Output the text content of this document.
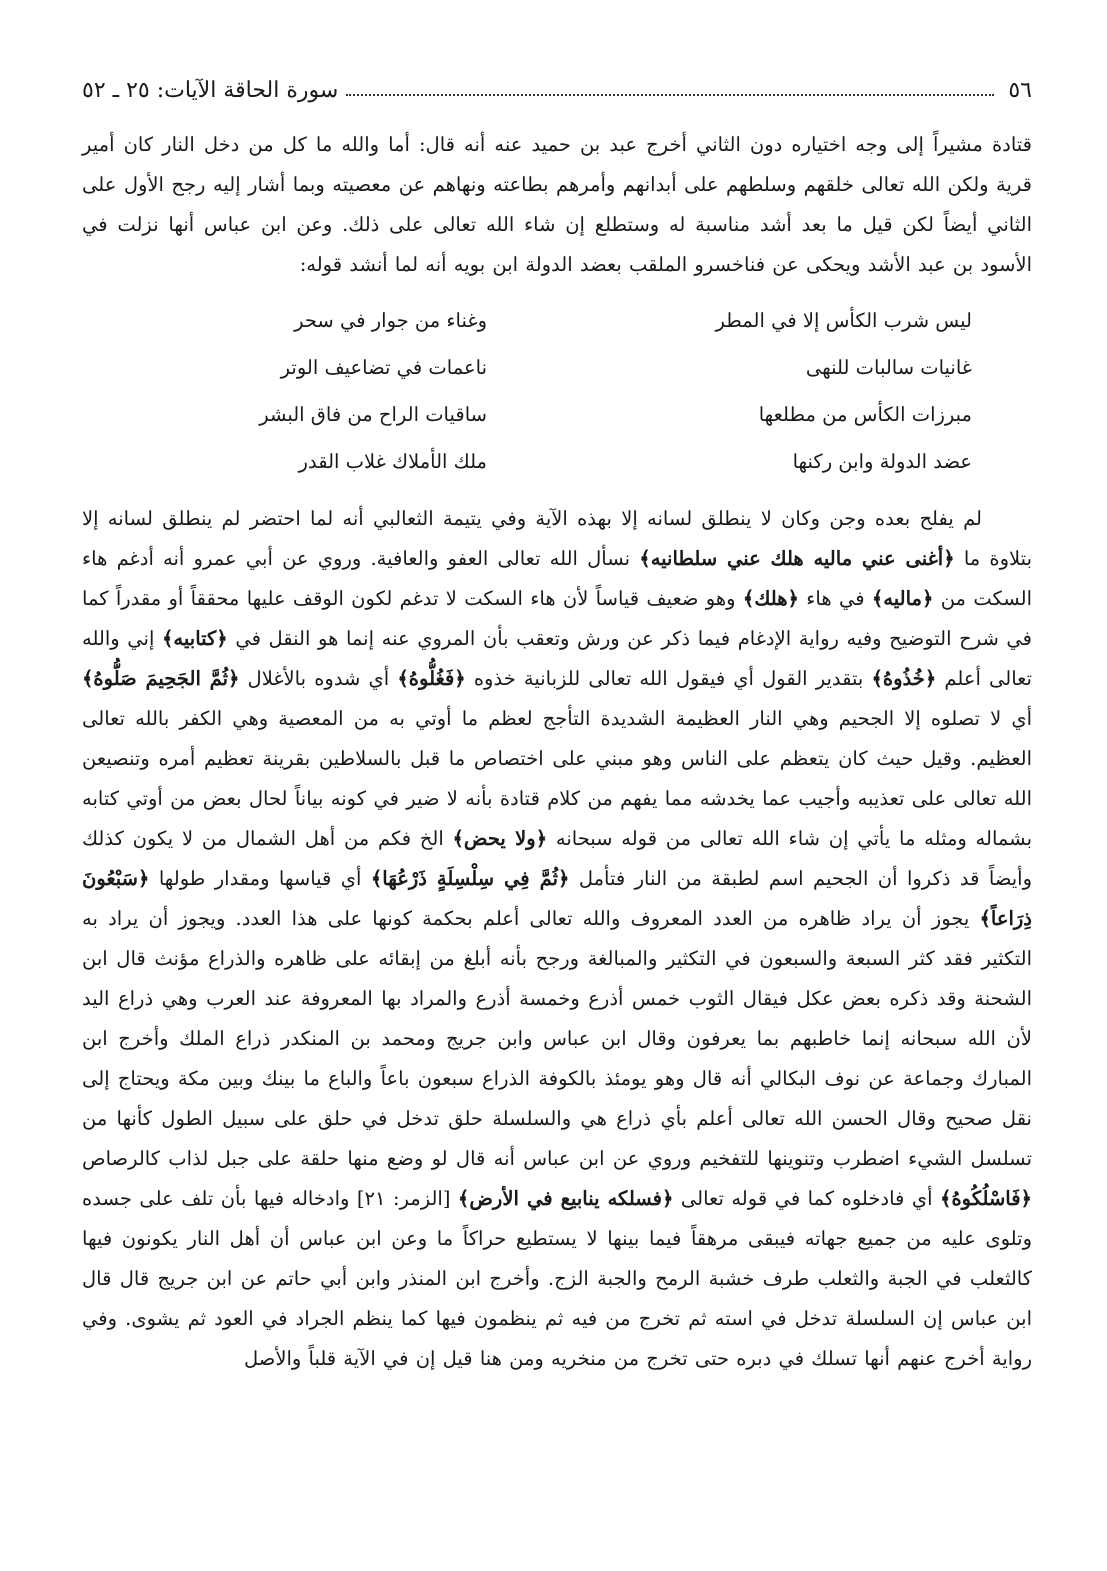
٥٦
سورة الحاقة الآيات: ٢٥ ـ ٥٢

قتادة مشيراً إلى وجه اختياره دون الثاني أخرج عبد بن حميد عنه أنه قال: أما والله ما كل من دخل النار كان أمير قرية ولكن الله تعالى خلقهم وسلطهم على أبدانهم وأمرهم بطاعته ونهاهم عن معصيته وبما أشار إليه رجح الأول على الثاني أيضاً لكن قيل ما بعد أشد مناسبة له وستطلع إن شاء الله تعالى على ذلك. وعن ابن عباس أنها نزلت في الأسود بن عبد الأشد ويحكى عن فناخسرو الملقب بعضد الدولة ابن بويه أنه لما أنشد قوله:

ليس شرب الكأس إلا في المطر
وغناء من جوار في سحر
غانيات سالبات للنهى
ناعمات في تضاعيف الوتر
مبرزات الكأس من مطلعها
ساقيات الراح من فاق البشر
عضد الدولة وابن ركنها
ملك الأملاك غلاب القدر

لم يفلح بعده وجن وكان لا ينطلق لسانه إلا بهذه الآية وفي يتيمة الثعالبي أنه لما احتضر لم ينطلق لسانه إلا بتلاوة ما ﴿أغنى عني ماليه هلك عني سلطانيه﴾ نسأل الله تعالى العفو والعافية. وروي عن أبي عمرو أنه أدغم هاء السكت من ﴿ماليه﴾ في هاء ﴿هلك﴾ وهو ضعيف قياساً لأن هاء السكت لا تدغم لكون الوقف عليها محققاً أو مقدراً كما في شرح التوضيح وفيه رواية الإدغام فيما ذكر عن ورش وتعقب بأن المروي عنه إنما هو النقل في ﴿كتابيه﴾ إني والله تعالى أعلم ﴿خُذُوهُ﴾ بتقدير القول أي فيقول الله تعالى للزبانية خذوه ﴿فَغُلُّوهُ﴾ أي شدوه بالأغلال ﴿ثُمَّ الجَحِيمَ صَلُّوهُ﴾ أي لا تصلوه إلا الجحيم وهي النار العظيمة الشديدة التأجج لعظم ما أوتي به من المعصية وهي الكفر بالله تعالى العظيم. وقيل حيث كان يتعظم على الناس وهو مبني على اختصاص ما قبل بالسلاطين بقرينة تعظيم أمره وتنصيعن الله تعالى على تعذيبه وأجيب عما يخدشه مما يفهم من كلام قتادة بأنه لا ضير في كونه بياناً لحال بعض من أوتي كتابه بشماله ومثله ما يأتي إن شاء الله تعالى من قوله سبحانه ﴿ولا يحض﴾ الخ فكم من أهل الشمال من لا يكون كذلك وأيضاً قد ذكروا أن الجحيم اسم لطبقة من النار فتأمل ﴿ثُمَّ فِي سِلْسِلَةٍ ذَرْعُهَا﴾ أي قياسها ومقدار طولها ﴿سَبْعُونَ ذِرَاعاً﴾ يجوز أن يراد ظاهره من العدد المعروف والله تعالى أعلم بحكمة كونها على هذا العدد. ويجوز أن يراد به التكثير فقد كثر السبعة والسبعون في التكثير والمبالغة ورجح بأنه أبلغ من إبقائه على ظاهره والذراع مؤنث قال ابن الشحنة وقد ذكره بعض عكل فيقال الثوب خمس أذرع وخمسة أذرع والمراد بها المعروفة عند العرب وهي ذراع اليد لأن الله سبحانه إنما خاطبهم بما يعرفون وقال ابن عباس وابن جريج ومحمد بن المنكدر ذراع الملك وأخرج ابن المبارك وجماعة عن نوف البكالي أنه قال وهو يومئذ بالكوفة الذراع سبعون باعاً والباع ما بينك وبين مكة ويحتاج إلى نقل صحيح وقال الحسن الله تعالى أعلم بأي ذراع هي والسلسلة حلق تدخل في حلق على سبيل الطول كأنها من تسلسل الشيء اضطرب وتنوينها للتفخيم وروي عن ابن عباس أنه قال لو وضع منها حلقة على جبل لذاب كالرصاص ﴿فَاسْلُكُوهُ﴾ أي فادخلوه كما في قوله تعالى ﴿فسلكه ينابيع في الأرض﴾ [الزمر: ٢١] وادخاله فيها بأن تلف على جسده وتلوى عليه من جميع جهاته فيبقى مرهقاً فيما بينها لا يستطيع حراكاً ما وعن ابن عباس أن أهل النار يكونون فيها كالثعلب في الجبة والثعلب طرف خشبة الرمح والجبة الزج. وأخرج ابن المنذر وابن أبي حاتم عن ابن جريج قال قال ابن عباس إن السلسلة تدخل في استه ثم تخرج من فيه ثم ينظمون فيها كما ينظم الجراد في العود ثم يشوى. وفي رواية أخرج عنهم أنها تسلك في دبره حتى تخرج من منخريه ومن هنا قيل إن في الآية قلباً والأصل
